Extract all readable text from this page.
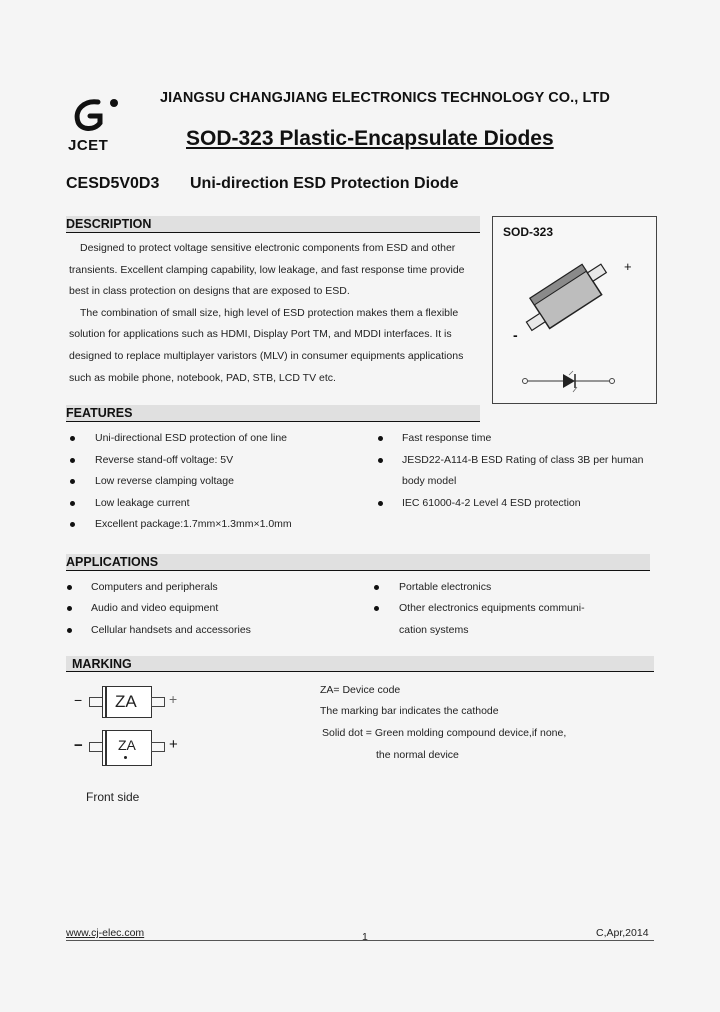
JCET
JIANGSU CHANGJIANG ELECTRONICS TECHNOLOGY CO., LTD
SOD-323 Plastic-Encapsulate Diodes
CESD5V0D3 Uni-direction ESD Protection Diode
DESCRIPTION
Designed to protect voltage sensitive electronic components from ESD and other
transients. Excellent clamping capability, low leakage, and fast response time provide
best in class protection on designs that are exposed to ESD.
The combination of small size, high level of ESD protection makes them a flexible
solution for applications such as HDMI, Display Port TM, and MDDI interfaces. It is
designed to replace multiplayer varistors (MLV) in consumer equipments applications
such as mobile phone, notebook, PAD, STB, LCD TV etc.
SOD-323
+
-
FEATURES
Uni-directional ESD protection of one line
Reverse stand-off voltage: 5V
Low reverse clamping voltage
Low leakage current
Excellent package:1.7mm×1.3mm×1.0mm
Fast response time
JESD22-A114-B ESD Rating of class 3B per human
body model
IEC 61000-4-2 Level 4 ESD protection
APPLICATIONS
Computers and peripherals
Audio and video equipment
Cellular handsets and accessories
Portable electronics
Other electronics equipments communi-
cation systems
MARKING
− ZA +
−	ZA +
ZA= Device code
The marking bar indicates the cathode
Solid dot = Green molding compound device,if none,
the normal device
Front side
www.cj-elec.com	1	C,Apr,2014
